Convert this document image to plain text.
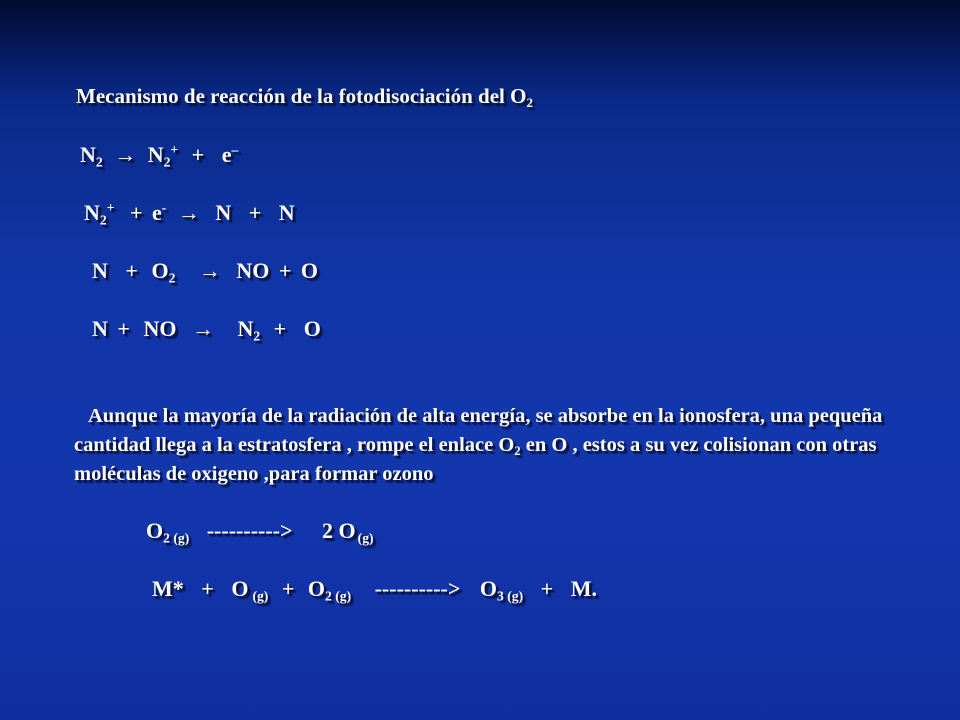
Mecanismo de reacción de la fotodisociación del $O_2$
$N_2 \to N_2^+ + e^-$
$N_2^+ + e^- \to N + N$
$N + O_2$ → NO + O
N + NO → $N_2 + O$
Aunque la mayoría de la radiación de alta energía, se absorbe en la ionosfera, una pequeña cantidad llega a la estratosfera , rompe el enlace $O_2$ en O , estos a su vez colisionan con otras moléculas de oxigeno ,para formar ozono
$O_{2 (g)}$ ----------> 2 O $_{(g)}$
M* + O $_{(g)} + O_{2 (g)}$ ----------> $O_{3 (g)} + M$.
